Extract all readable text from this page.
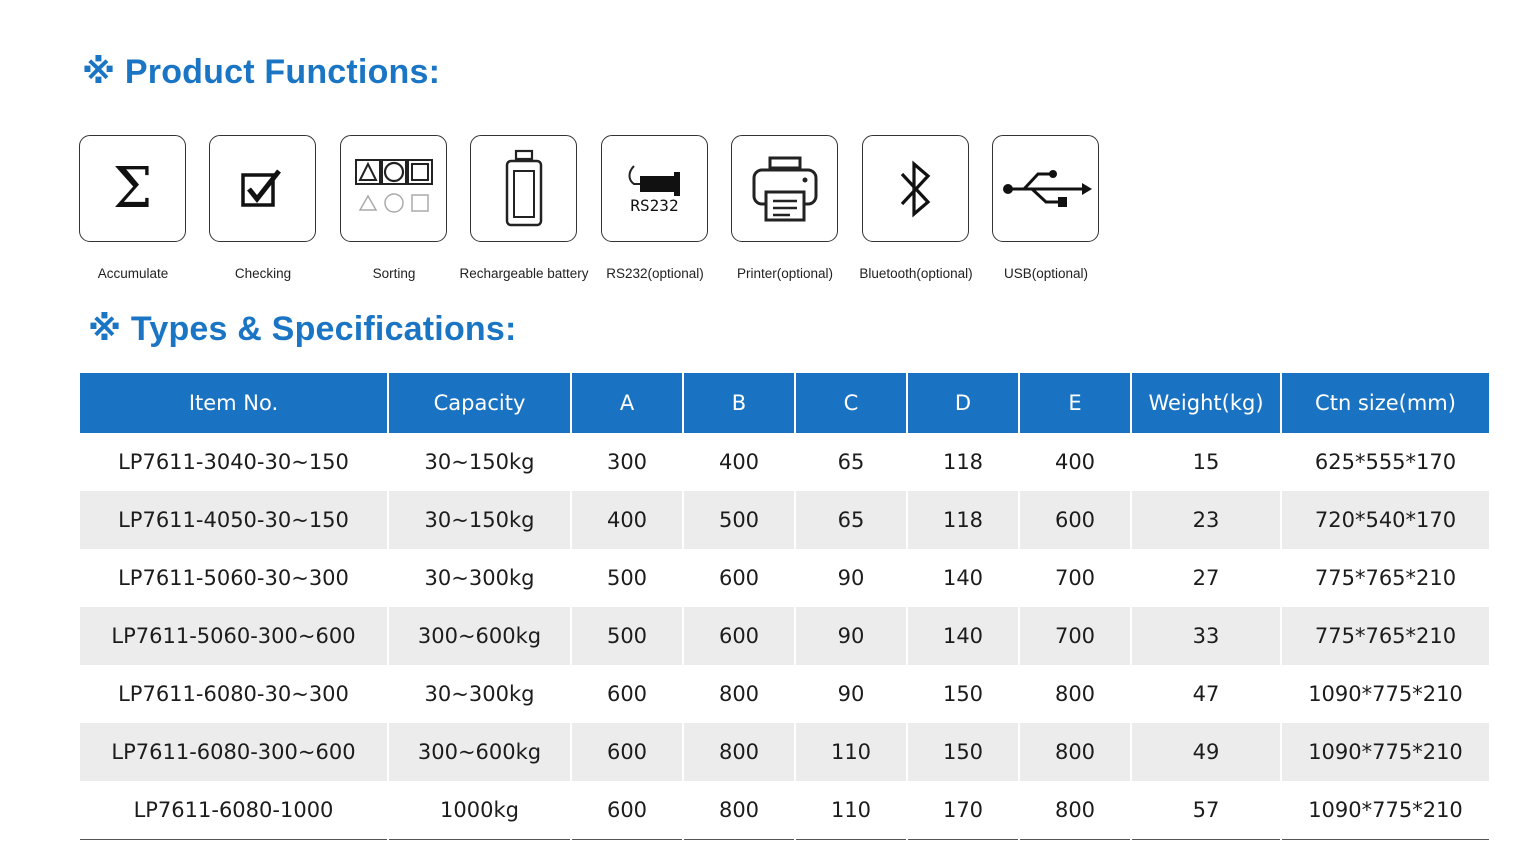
※ Product Functions:
Σ
Accumulate	Checking	Sorting	Rechargeable battery
RS232
RS232(optional) Printer(optional) Bluetooth(optional) USB(optional)
※ Types & Specifications:
Item No.	Capacity	A	B	C	D	E	Weight(kg)	Ctn size(mm)
LP7611-3040-30~150	30~150kg	300	400	65	118	400	15	625*555*170
LP7611-4050-30~150	30~150kg	400	500	65	118	600	23	720*540*170
LP7611-5060-30~300	30~300kg	500	600	90	140	700	27	775*765*210
LP7611-5060-300~600	300~600kg	500	600	90	140	700	33	775*765*210
LP7611-6080-30~300	30~300kg	600	800	90	150	800	47	1090*775*210
LP7611-6080-300~600	300~600kg	600	800	110	150	800	49	1090*775*210
LP7611-6080-1000	1000kg	600	800	110	170	800	57	1090*775*210
